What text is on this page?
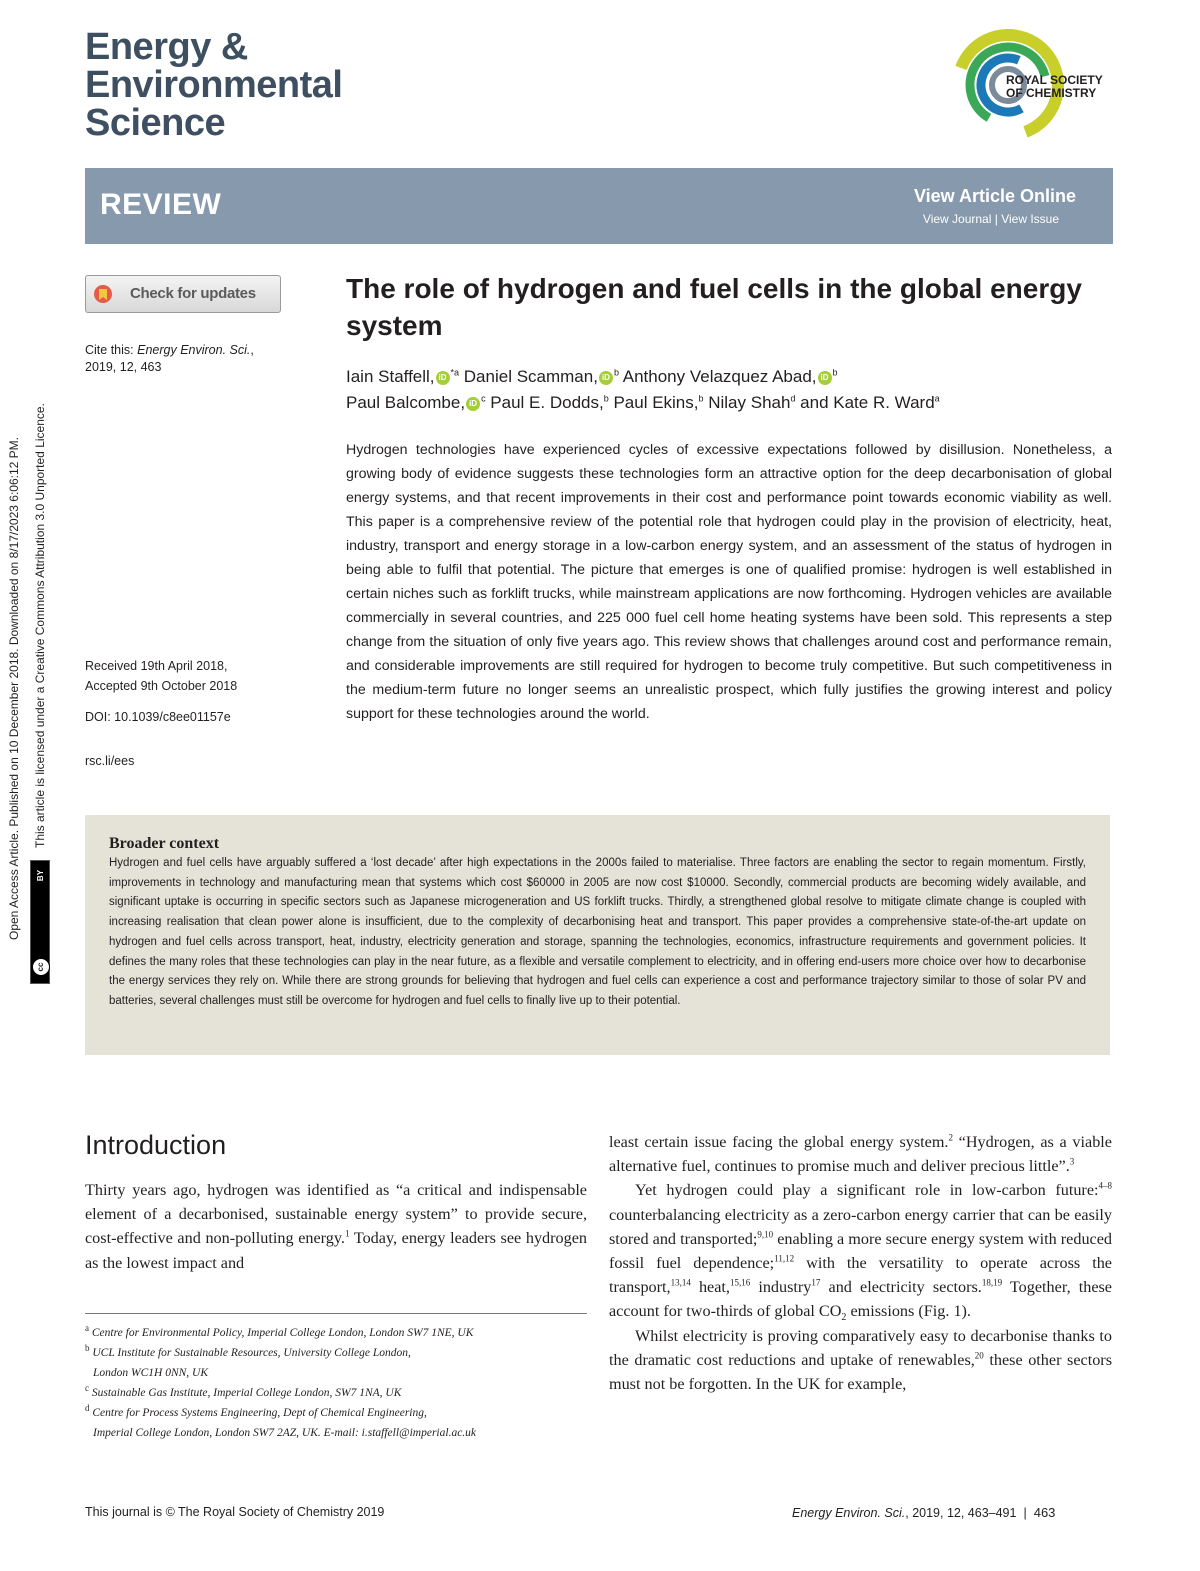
Open Access Article. Published on 10 December 2018. Downloaded on 8/17/2023 6:06:12 PM. This article is licensed under a Creative Commons Attribution 3.0 Unported Licence.
BY
cc
Energy &
Environmental
Science
ROYAL SOCIETY
OF CHEMISTRY
REVIEW	View Article Online
View Journal | View Issue
Check for updates
Cite this: Energy Environ. Sci.,
2019, 12, 463
Received 19th April 2018,
Accepted 9th October 2018
DOI: 10.1039/c8ee01157e
rsc.li/ees
The role of hydrogen and fuel cells in the global energy system
Iain Staffell, $iD^{*a}$ Daniel Scamman, $iD^b$ Anthony Velazquez Abad, $iD^b$
Paul Balcombe, $iD^c$ Paul E. Dodds,$^b$ Paul Ekins,$^b$ Nilay Shah$^d$ and Kate R. Ward$^a$
Hydrogen technologies have experienced cycles of excessive expectations followed by disillusion. Nonetheless, a growing body of evidence suggests these technologies form an attractive option for the deep decarbonisation of global energy systems, and that recent improvements in their cost and performance point towards economic viability as well. This paper is a comprehensive review of the potential role that hydrogen could play in the provision of electricity, heat, industry, transport and energy storage in a low-carbon energy system, and an assessment of the status of hydrogen in being able to fulfil that potential. The picture that emerges is one of qualified promise: hydrogen is well established in certain niches such as forklift trucks, while mainstream applications are now forthcoming. Hydrogen vehicles are available commercially in several countries, and 225 000 fuel cell home heating systems have been sold. This represents a step change from the situation of only five years ago. This review shows that challenges around cost and performance remain, and considerable improvements are still required for hydrogen to become truly competitive. But such competitiveness in the medium-term future no longer seems an unrealistic prospect, which fully justifies the growing interest and policy support for these technologies around the world.
Broader context
Hydrogen and fuel cells have arguably suffered a ‘lost decade’ after high expectations in the 2000s failed to materialise. Three factors are enabling the sector to regain momentum. Firstly, improvements in technology and manufacturing mean that systems which cost $60000 in 2005 are now cost $10000. Secondly, commercial products are becoming widely available, and significant uptake is occurring in specific sectors such as Japanese microgeneration and US forklift trucks. Thirdly, a strengthened global resolve to mitigate climate change is coupled with increasing realisation that clean power alone is insufficient, due to the complexity of decarbonising heat and transport. This paper provides a comprehensive state-of-the-art update on hydrogen and fuel cells across transport, heat, industry, electricity generation and storage, spanning the technologies, economics, infrastructure requirements and government policies. It defines the many roles that these technologies can play in the near future, as a flexible and versatile complement to electricity, and in offering end-users more choice over how to decarbonise the energy services they rely on. While there are strong grounds for believing that hydrogen and fuel cells can experience a cost and performance trajectory similar to those of solar PV and batteries, several challenges must still be overcome for hydrogen and fuel cells to finally live up to their potential.
Introduction
Thirty years ago, hydrogen was identified as “a critical and indispensable element of a decarbonised, sustainable energy system” to provide secure, cost-effective and non-polluting energy.$^1$ Today, energy leaders see hydrogen as the lowest impact and

least certain issue facing the global energy system.$^2$ “Hydrogen, as a viable alternative fuel, continues to promise much and deliver precious little”.$^3$

Yet hydrogen could play a significant role in low-carbon future:$^{4-8}$ counterbalancing electricity as a zero-carbon energy carrier that can be easily stored and transported;$^{9,10}$ enabling a more secure energy system with reduced fossil fuel dependence;$^{11,12}$ with the versatility to operate across the transport,$^{13,14}$ heat,$^{15,16}$ industry$^{17}$ and electricity sectors.$^{18,19}$ Together, these account for two-thirds of global $CO_2$ emissions (Fig. 1).

Whilst electricity is proving comparatively easy to decarbonise thanks to the dramatic cost reductions and uptake of renewables,$^{20}$ these other sectors must not be forgotten. In the UK for example,

$^a$ Centre for Environmental Policy, Imperial College London, London SW7 1NE, UK
$^b$ UCL Institute for Sustainable Resources, University College London,
London WC1H 0NN, UK
$^c$ Sustainable Gas Institute, Imperial College London, SW7 1NA, UK
$^d$ Centre for Process Systems Engineering, Dept of Chemical Engineering,
Imperial College London, London SW7 2AZ, UK. E-mail: i.staffell@imperial.ac.uk
This journal is © The Royal Society of Chemistry 2019	Energy Environ. Sci., 2019, 12, 463–491 | 463
